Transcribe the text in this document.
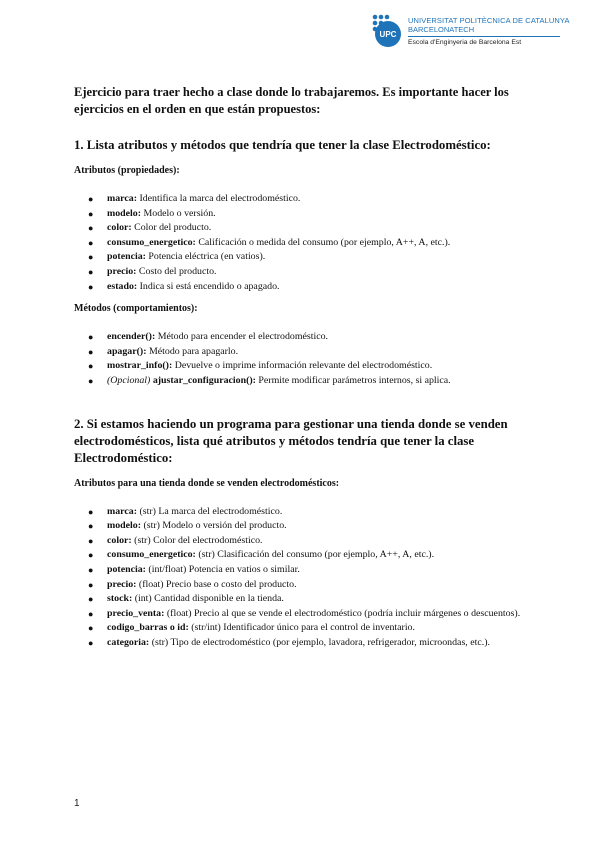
UPC
UNIVERSITAT POLITÈCNICA DE CATALUNYA
BARCELONATECH
Escola d'Enginyeria de Barcelona Est

Ejercicio para traer hecho a clase donde lo trabajaremos. Es importante hacer los ejercicios en el orden en que están propuestos:

1. Lista atributos y métodos que tendría que tener la clase Electrodoméstico:
Atributos (propiedades):
● marca: Identifica la marca del electrodoméstico.
● modelo: Modelo o versión.
● color: Color del producto.
● consumo_energetico: Calificación o medida del consumo (por ejemplo, A++, A, etc.).
● potencia: Potencia eléctrica (en vatios).
● precio: Costo del producto.
● estado: Indica si está encendido o apagado.
Métodos (comportamientos):
● encender(): Método para encender el electrodoméstico.
● apagar(): Método para apagarlo.
● mostrar_info(): Devuelve o imprime información relevante del electrodoméstico.
● (Opcional) ajustar_configuracion(): Permite modificar parámetros internos, si aplica.
2. Si estamos haciendo un programa para gestionar una tienda donde se venden electrodomésticos, lista qué atributos y métodos tendría que tener la clase Electrodoméstico:
Atributos para una tienda donde se venden electrodomésticos:
● marca: (str) La marca del electrodoméstico.
● modelo: (str) Modelo o versión del producto.
● color: (str) Color del electrodoméstico.
● consumo_energetico: (str) Clasificación del consumo (por ejemplo, A++, A, etc.).
● potencia: (int/float) Potencia en vatios o similar.
● precio: (float) Precio base o costo del producto.
● stock: (int) Cantidad disponible en la tienda.
● precio_venta: (float) Precio al que se vende el electrodoméstico (podría incluir márgenes o descuentos).
● codigo_barras o id: (str/int) Identificador único para el control de inventario.
● categoria: (str) Tipo de electrodoméstico (por ejemplo, lavadora, refrigerador, microondas, etc.).
1
